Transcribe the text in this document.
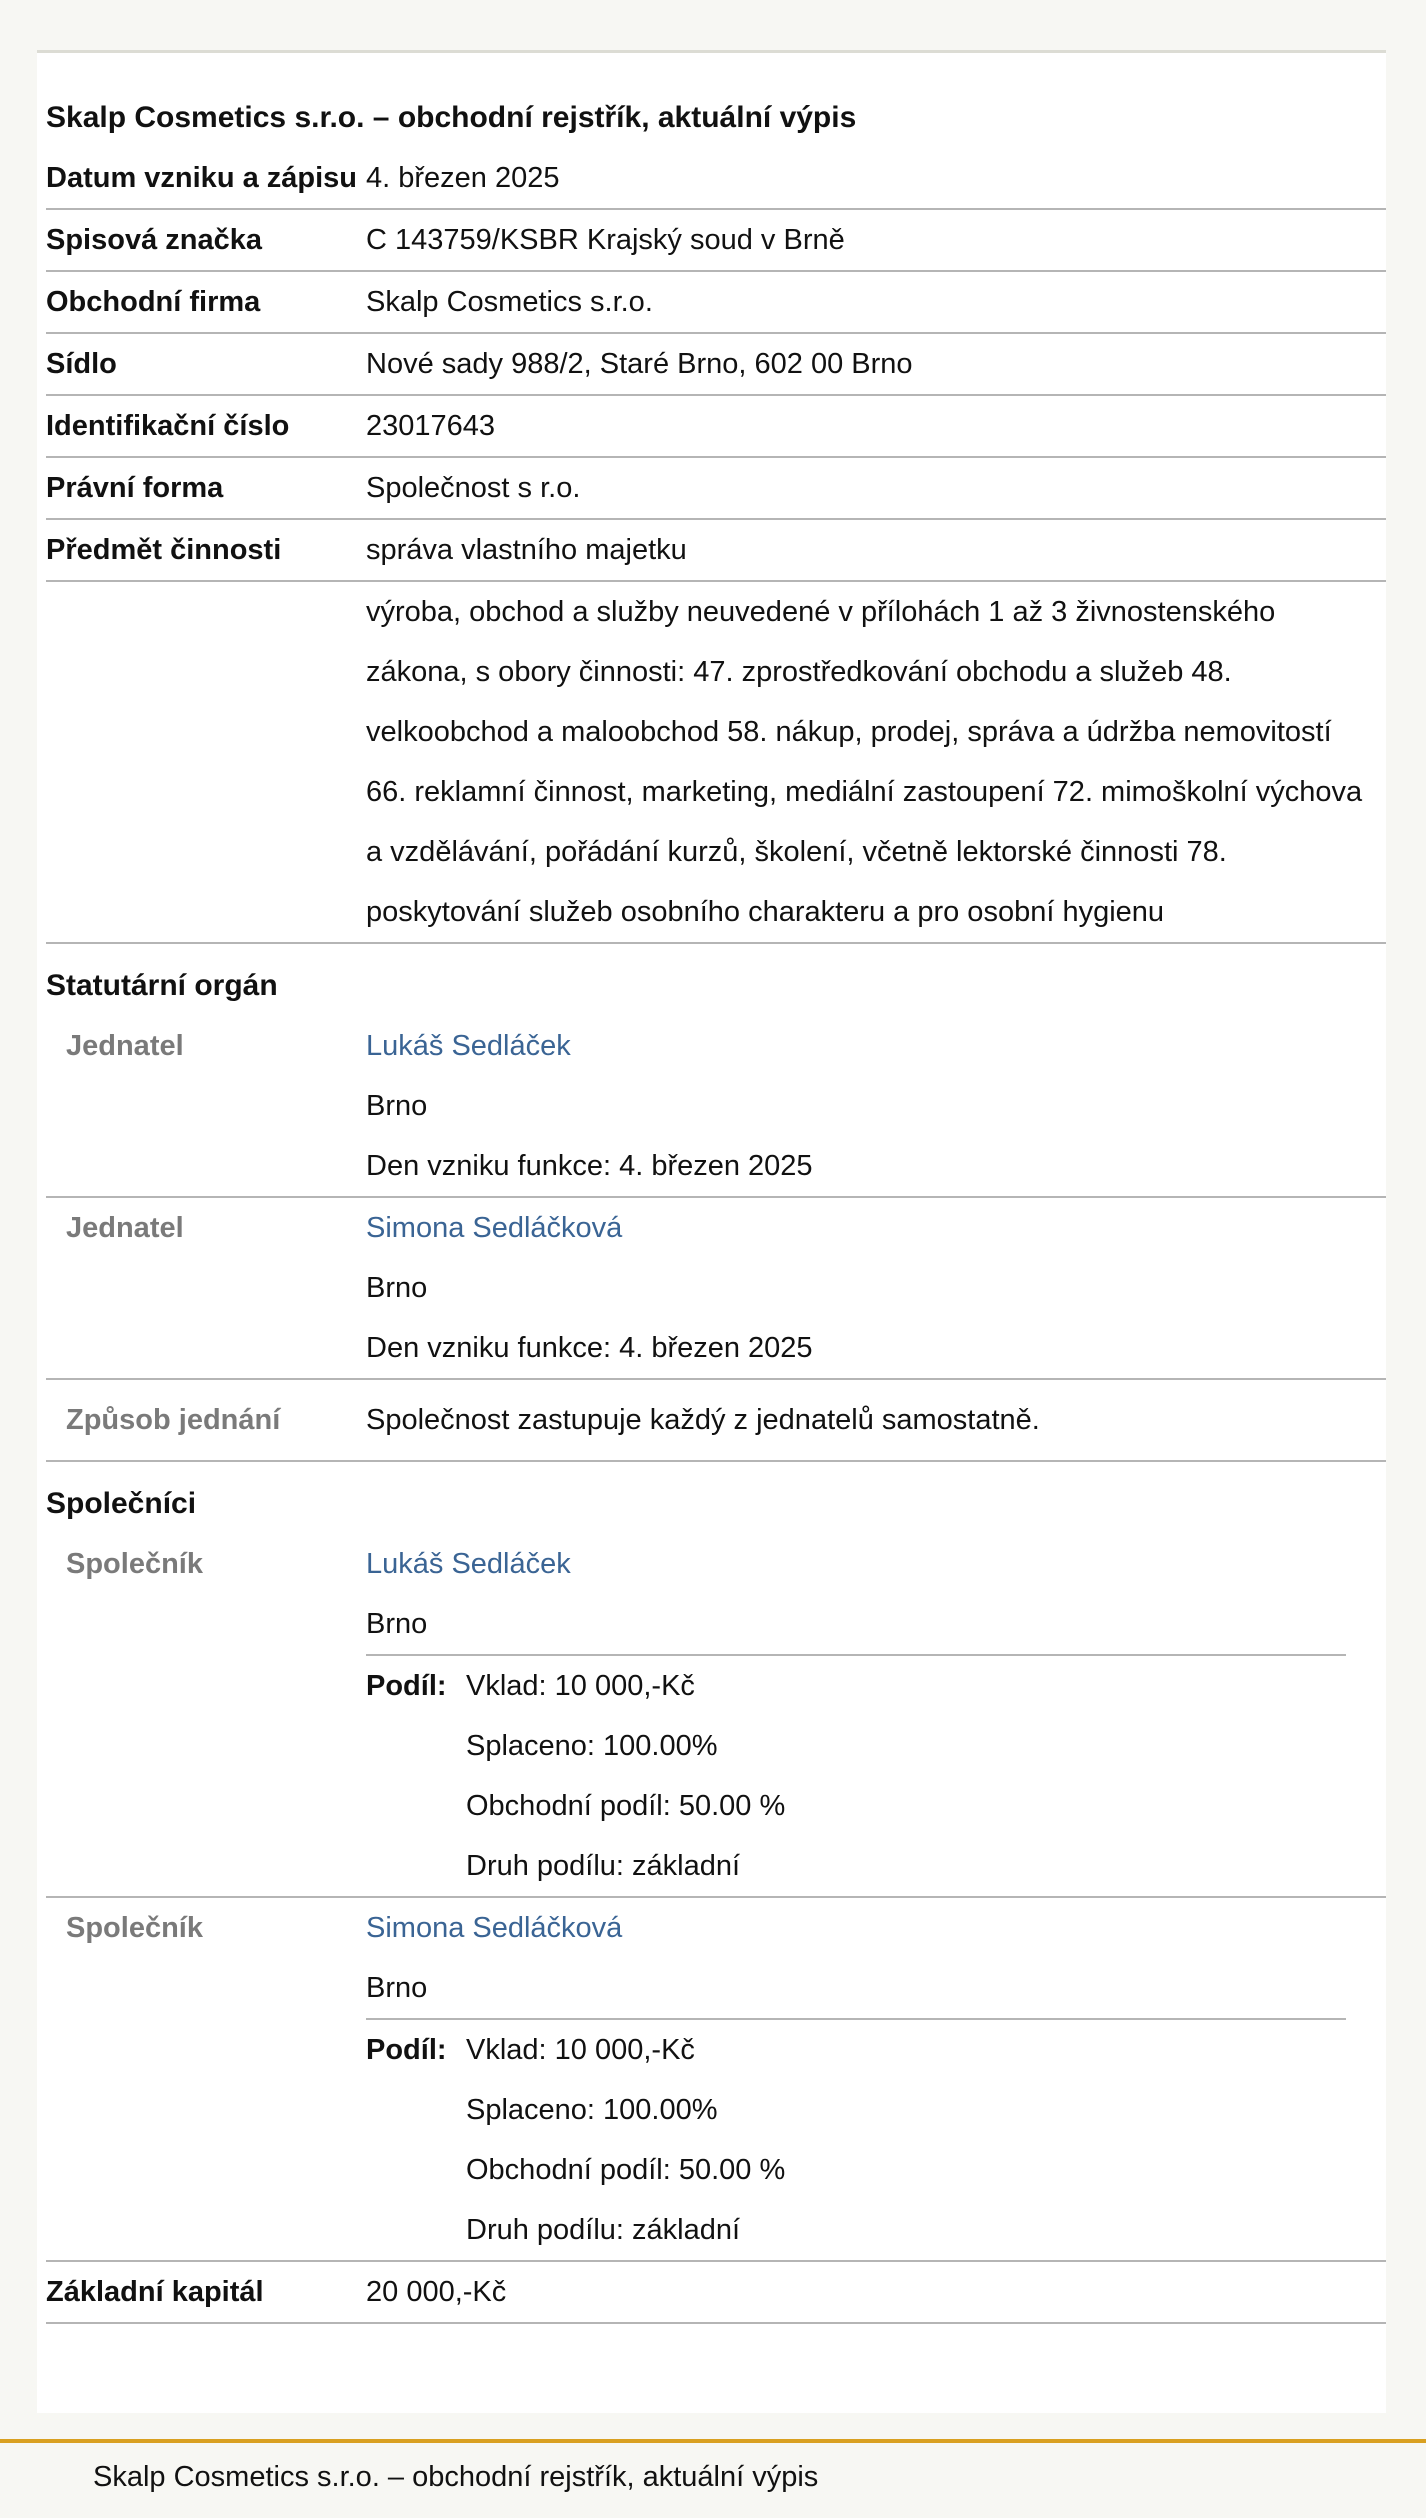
Skalp Cosmetics s.r.o. – obchodní rejstřík, aktuální výpis
Datum vzniku a zápisu 4. březen 2025
Spisová značka	C 143759/KSBR Krajský soud v Brně
Obchodní firma	Skalp Cosmetics s.r.o.
Sídlo	Nové sady 988/2, Staré Brno, 602 00 Brno
Identifikační číslo	23017643
Právní forma	Společnost s r.o.
Předmět činnosti	správa vlastního majetku
výroba, obchod a služby neuvedené v přílohách 1 až 3 živnostenského zákona, s obory činnosti: 47. zprostředkování obchodu a služeb 48. velkoobchod a maloobchod 58. nákup, prodej, správa a údržba nemovitostí 66. reklamní činnost, marketing, mediální zastoupení 72. mimoškolní výchova a vzdělávání, pořádání kurzů, školení, včetně lektorské činnosti 78. poskytování služeb osobního charakteru a pro osobní hygienu
Statutární orgán
Jednatel	Lukáš Sedláček
Brno
Den vzniku funkce: 4. březen 2025
Jednatel	Simona Sedláčková
Brno
Den vzniku funkce: 4. březen 2025
Způsob jednání	Společnost zastupuje každý z jednatelů samostatně.
Společníci
Společník	Lukáš Sedláček
Brno
Podíl: Vklad: 10 000,-Kč
Splaceno: 100.00%
Obchodní podíl: 50.00 %
Druh podílu: základní
Společník	Simona Sedláčková
Brno
Podíl: Vklad: 10 000,-Kč
Splaceno: 100.00%
Obchodní podíl: 50.00 %
Druh podílu: základní
Základní kapitál	20 000,-Kč
Skalp Cosmetics s.r.o. – obchodní rejstřík, aktuální výpis
